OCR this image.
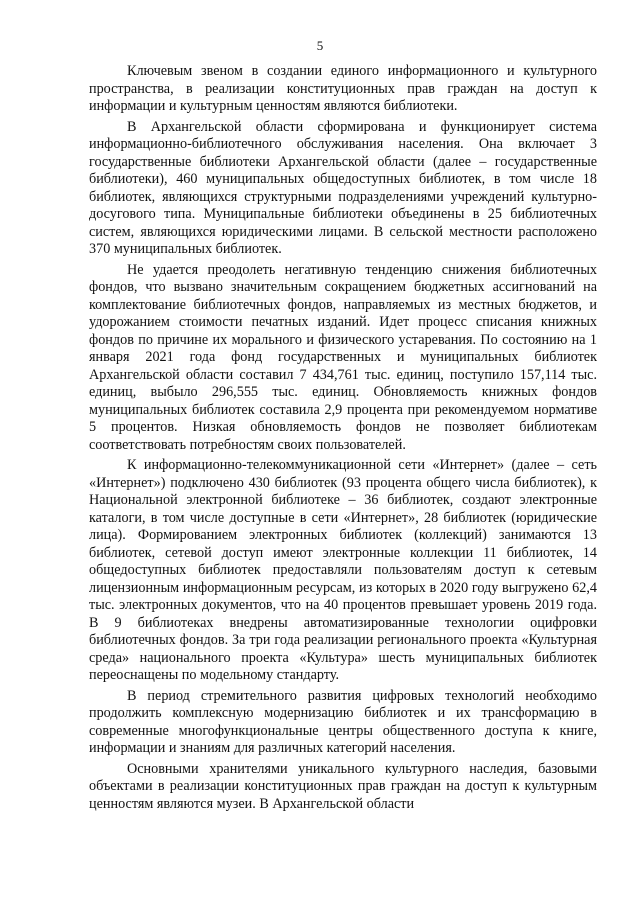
5

Ключевым звеном в создании единого информационного и культурного пространства, в реализации конституционных прав граждан на доступ к информации и культурным ценностям являются библиотеки.

В Архангельской области сформирована и функционирует система информационно-библиотечного обслуживания населения. Она включает 3 государственные библиотеки Архангельской области (далее – государственные библиотеки), 460 муниципальных общедоступных библиотек, в том числе 18 библиотек, являющихся структурными подразделениями учреждений культурно-досугового типа. Муниципальные библиотеки объединены в 25 библиотечных систем, являющихся юридическими лицами. В сельской местности расположено 370 муниципальных библиотек.

Не удается преодолеть негативную тенденцию снижения библиотечных фондов, что вызвано значительным сокращением бюджетных ассигнований на комплектование библиотечных фондов, направляемых из местных бюджетов, и удорожанием стоимости печатных изданий. Идет процесс списания книжных фондов по причине их морального и физического устаревания. По состоянию на 1 января 2021 года фонд государственных и муниципальных библиотек Архангельской области составил 7 434,761 тыс. единиц, поступило 157,114 тыс. единиц, выбыло 296,555 тыс. единиц. Обновляемость книжных фондов муниципальных библиотек составила 2,9 процента при рекомендуемом нормативе 5 процентов. Низкая обновляемость фондов не позволяет библиотекам соответствовать потребностям своих пользователей.

К информационно-телекоммуникационной сети «Интернет» (далее – сеть «Интернет») подключено 430 библиотек (93 процента общего числа библиотек), к Национальной электронной библиотеке – 36 библиотек, создают электронные каталоги, в том числе доступные в сети «Интернет», 28 библиотек (юридические лица). Формированием электронных библиотек (коллекций) занимаются 13 библиотек, сетевой доступ имеют электронные коллекции 11 библиотек, 14 общедоступных библиотек предоставляли пользователям доступ к сетевым лицензионным информационным ресурсам, из которых в 2020 году выгружено 62,4 тыс. электронных документов, что на 40 процентов превышает уровень 2019 года. В 9 библиотеках внедрены автоматизированные технологии оцифровки библиотечных фондов. За три года реализации регионального проекта «Культурная среда» национального проекта «Культура» шесть муниципальных библиотек переоснащены по модельному стандарту.

В период стремительного развития цифровых технологий необходимо продолжить комплексную модернизацию библиотек и их трансформацию в современные многофункциональные центры общественного доступа к книге, информации и знаниям для различных категорий населения.

Основными хранителями уникального культурного наследия, базовыми объектами в реализации конституционных прав граждан на доступ к культурным ценностям являются музеи. В Архангельской области
